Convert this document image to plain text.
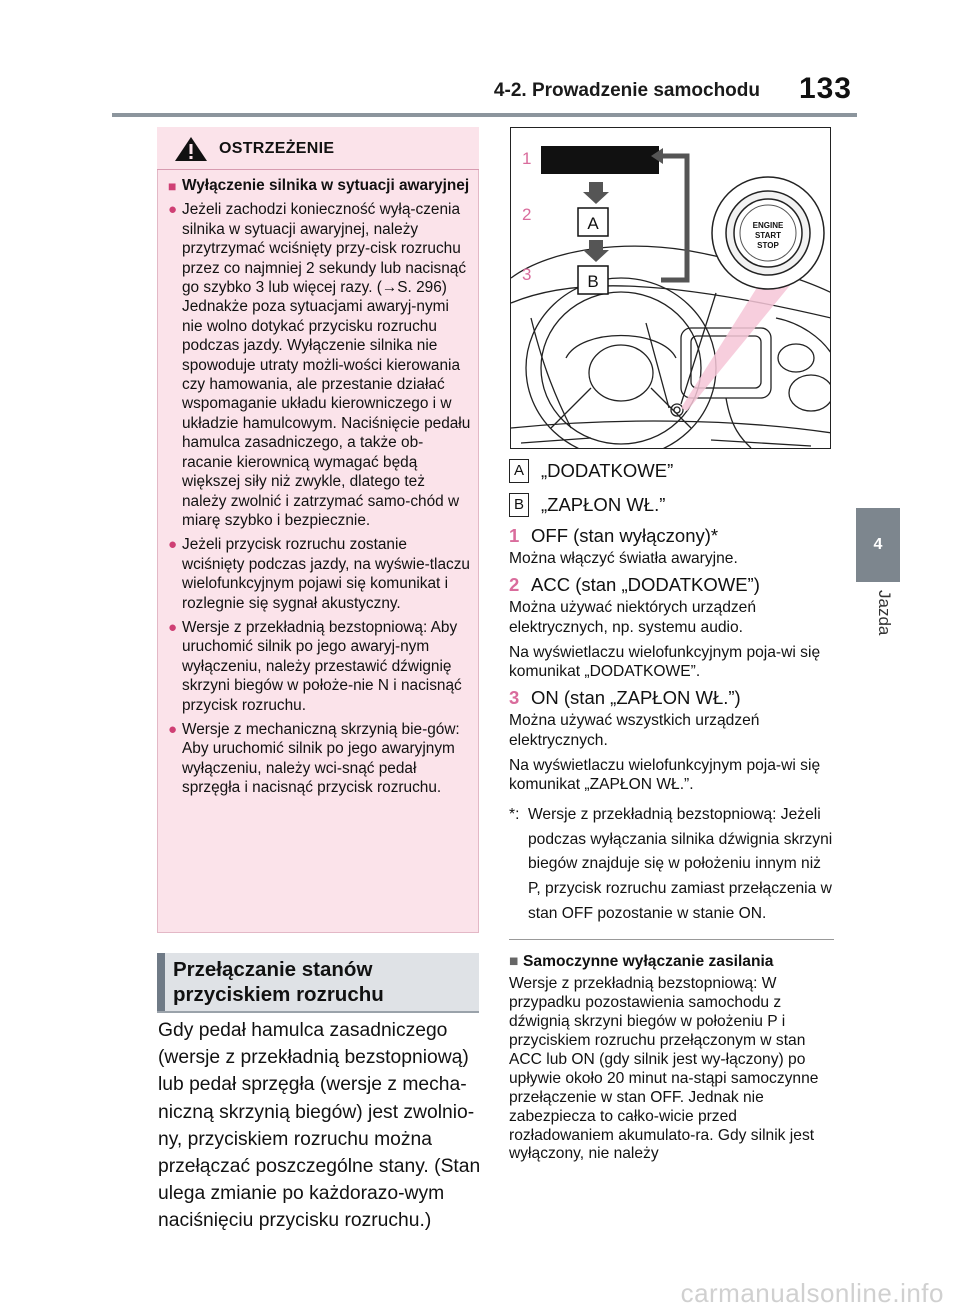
4-2. Prowadzenie samochodu 133
4
Jazda
OSTRZEŻENIE
■ Wyłączenie silnika w sytuacji awaryjnej
● Jeżeli zachodzi konieczność wyłą-czenia silnika w sytuacji awaryjnej, należy przytrzymać wciśnięty przy-cisk rozruchu przez co najmniej 2 sekundy lub nacisnąć go szybko 3 lub więcej razy. (→S. 296) Jednakże poza sytuacjami awaryj-nymi nie wolno dotykać przycisku rozruchu podczas jazdy. Wyłączenie silnika nie spowoduje utraty możli-wości kierowania czy hamowania, ale przestanie działać wspomaganie układu kierowniczego i w układzie hamulcowym. Naciśnięcie pedału hamulca zasadniczego, a także ob-racanie kierownicą wymagać będą większej siły niż zwykle, dlatego też należy zwolnić i zatrzymać samo-chód w miarę szybko i bezpiecznie.
● Jeżeli przycisk rozruchu zostanie wciśnięty podczas jazdy, na wyświe-tlaczu wielofunkcyjnym pojawi się komunikat i rozlegnie się sygnał akustyczny.
● Wersje z przekładnią bezstopniową: Aby uruchomić silnik po jego awaryj-nym wyłączeniu, należy przestawić dźwignię skrzyni biegów w położe-nie N i nacisnąć przycisk rozruchu.
● Wersje z mechaniczną skrzynią bie-gów: Aby uruchomić silnik po jego awaryjnym wyłączeniu, należy wci-snąć pedał sprzęgła i nacisnąć przycisk rozruchu.
Przełączanie stanów
przyciskiem rozruchu
Gdy pedał hamulca zasadniczego (wersje z przekładnią bezstopniową) lub pedał sprzęgła (wersje z mecha-niczną skrzynią biegów) jest zwolnio-ny, przyciskiem rozruchu można przełączać poszczególne stany. (Stan ulega zmianie po każdorazo-wym naciśnięciu przycisku rozruchu.)
1
2
3
A
B
ENGINE
START
STOP
A „DODATKOWE”
B „ZAPŁON WŁ.”
1 OFF (stan wyłączony)*
Można włączyć światła awaryjne.
2 ACC (stan „DODATKOWE”)
Można używać niektórych urządzeń elektrycznych, np. systemu audio.
Na wyświetlaczu wielofunkcyjnym poja-wi się komunikat „DODATKOWE”.
3 ON (stan „ZAPŁON WŁ.”)
Można używać wszystkich urządzeń elektrycznych.
Na wyświetlaczu wielofunkcyjnym poja-wi się komunikat „ZAPŁON WŁ.”.
*: Wersje z przekładnią bezstopniową: Jeżeli podczas wyłączania silnika dźwignia skrzyni biegów znajduje się w położeniu innym niż P, przycisk rozruchu zamiast przełączenia w stan OFF pozostanie w stanie ON.
■ Samoczynne wyłączanie zasilania
Wersje z przekładnią bezstopniową: W przypadku pozostawienia samochodu z dźwignią skrzyni biegów w położeniu P i przyciskiem rozruchu przełączonym w stan ACC lub ON (gdy silnik jest wy-łączony) po upływie około 20 minut na-stąpi samoczynne przełączenie w stan OFF. Jednak nie zabezpiecza to całko-wicie przed rozładowaniem akumulato-ra. Gdy silnik jest wyłączony, nie należy
carmanualsonline.info
